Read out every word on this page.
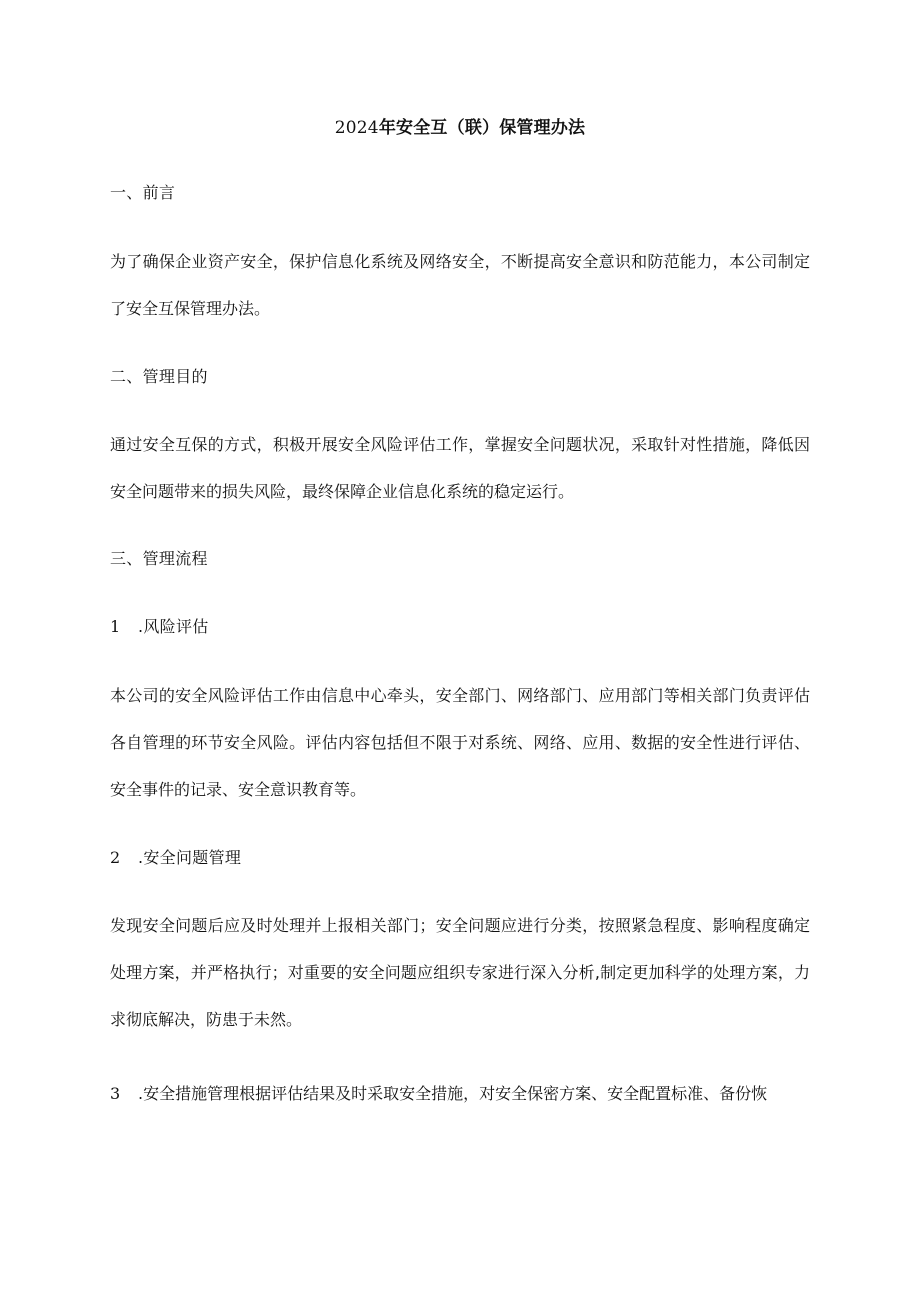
2024年安全互（联）保管理办法
一、前言
为了确保企业资产安全，保护信息化系统及网络安全，不断提高安全意识和防范能力，本公司制定了安全互保管理办法。
二、管理目的
通过安全互保的方式，积极开展安全风险评估工作，掌握安全问题状况，采取针对性措施，降低因安全问题带来的损失风险，最终保障企业信息化系统的稳定运行。
三、管理流程
1 .风险评估
本公司的安全风险评估工作由信息中心牵头，安全部门、网络部门、应用部门等相关部门负责评估各自管理的环节安全风险。评估内容包括但不限于对系统、网络、应用、数据的安全性进行评估、安全事件的记录、安全意识教育等。
2 .安全问题管理
发现安全问题后应及时处理并上报相关部门；安全问题应进行分类，按照紧急程度、影响程度确定处理方案，并严格执行；对重要的安全问题应组织专家进行深入分析,制定更加科学的处理方案，力求彻底解决，防患于未然。
3 .安全措施管理根据评估结果及时采取安全措施，对安全保密方案、安全配置标准、备份恢
